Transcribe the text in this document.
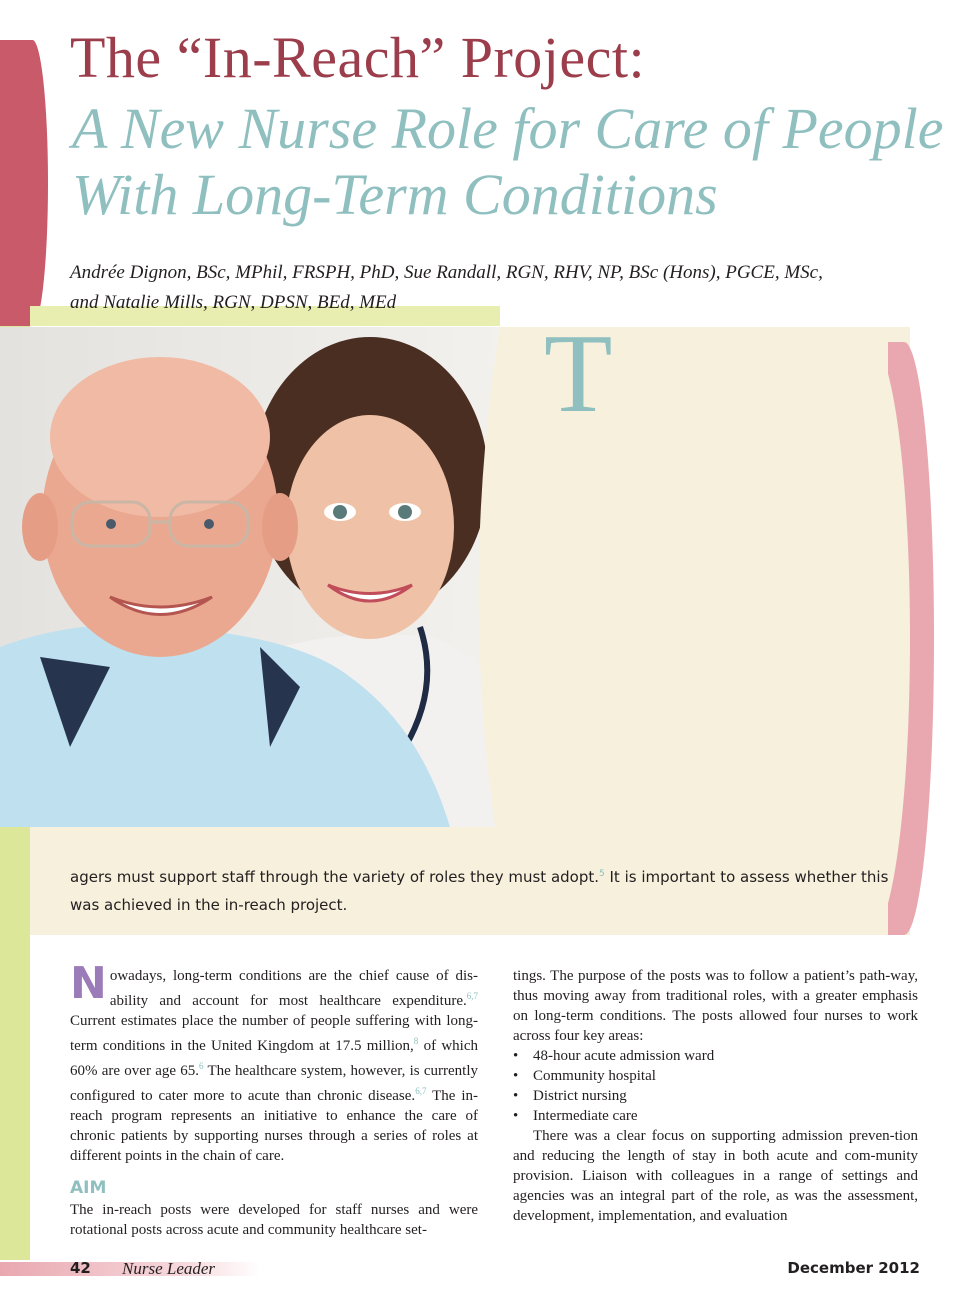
The “In-Reach” Project:
A New Nurse Role for Care of People
With Long-Term Conditions
Andrée Dignon, BSc, MPhil, FRSPH, PhD, Sue Randall, RGN, RHV, NP, BSc (Hons), PGCE, MSc,
and Natalie Mills, RGN, DPSN, BEd, MEd
T
agers must support staff through the variety of roles they must adopt.$^5$ It is important to assess whether this
was achieved in the in-reach project.

Nowadays, long-term conditions are the chief cause of dis-ability and account for most healthcare expenditure.$^{6,7}$ Current estimates place the number of people suffering with long-term conditions in the United Kingdom at 17.5 million,$^8$ of which 60% are over age 65.$^6$ The healthcare system, however, is currently configured to cater more to acute than chronic disease.$^{6,7}$ The in-reach program represents an initiative to enhance the care of chronic patients by supporting nurses through a series of roles at different points in the chain of care.

AIM

The in-reach posts were developed for staff nurses and were rotational posts across acute and community healthcare set-

tings. The purpose of the posts was to follow a patient’s path-way, thus moving away from traditional roles, with a greater emphasis on long-term conditions. The posts allowed four nurses to work across four key areas:

• 48-hour acute admission ward
• Community hospital
• District nursing
• Intermediate care

There was a clear focus on supporting admission preven-tion and reducing the length of stay in both acute and com-munity provision. Liaison with colleagues in a range of settings and agencies was an integral part of the role, as was the assessment, development, implementation, and evaluation

42 Nurse Leader	December 2012
